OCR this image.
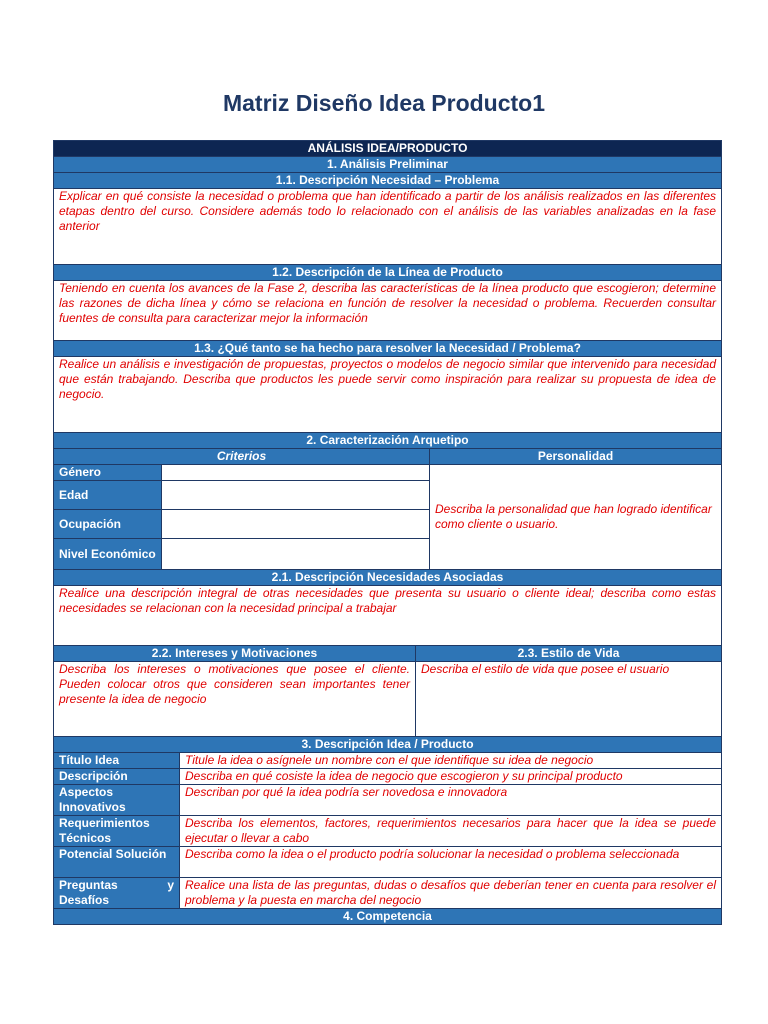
Matriz Diseño Idea Producto1
ANÁLISIS IDEA/PRODUCTO				
1. Análisis Preliminar				
1.1. Descripción Necesidad – Problema				
Explicar en qué consiste la necesidad o problema que han identificado a partir de los análisis realizados en las diferentes etapas dentro del curso. Considere además todo lo relacionado con el análisis de las variables analizadas en la fase anterior				
1.2. Descripción de la Línea de Producto				
Teniendo en cuenta los avances de la Fase 2, describa las características de la línea producto que escogieron; determine las razones de dicha línea y cómo se relaciona en función de resolver la necesidad o problema. Recuerden consultar fuentes de consulta para caracterizar mejor la información				
1.3. ¿Qué tanto se ha hecho para resolver la Necesidad / Problema?				
Realice un análisis e investigación de propuestas, proyectos o modelos de negocio similar que intervenido para necesidad que están trabajando. Describa que productos les puede servir como inspiración para realizar su propuesta de idea de negocio.				
2. Caracterización Arquetipo				
Criterios				Personalidad
Género				Describa la personalidad que han logrado identificar como cliente o usuario.
Edad				
Ocupación				
Nivel Económico				
2.1. Descripción Necesidades Asociadas				
Realice una descripción integral de otras necesidades que presenta su usuario o cliente ideal; describa como estas necesidades se relacionan con la necesidad principal a trabajar				
2.2. Intereses y Motivaciones			2.3. Estilo de Vida	
Describa los intereses o motivaciones que posee el cliente. Pueden colocar otros que consideren sean importantes tener presente la idea de negocio			Describa el estilo de vida que posee el usuario	
3. Descripción Idea / Producto				
Título Idea		Titule la idea o asígnele un nombre con el que identifique su idea de negocio		
Descripción		Describa en qué cosiste la idea de negocio que escogieron y su principal producto		
Aspectos Innovativos		Describan por qué la idea podría ser novedosa e innovadora		
Requerimientos Técnicos		Describa los elementos, factores, requerimientos necesarios para hacer que la idea se puede ejecutar o llevar a cabo		
Potencial Solución		Describa como la idea o el producto podría solucionar la necesidad o problema seleccionada		
Preguntas y Desafíos		Realice una lista de las preguntas, dudas o desafíos que deberían tener en cuenta para resolver el problema y la puesta en marcha del negocio		
4. Competencia				
